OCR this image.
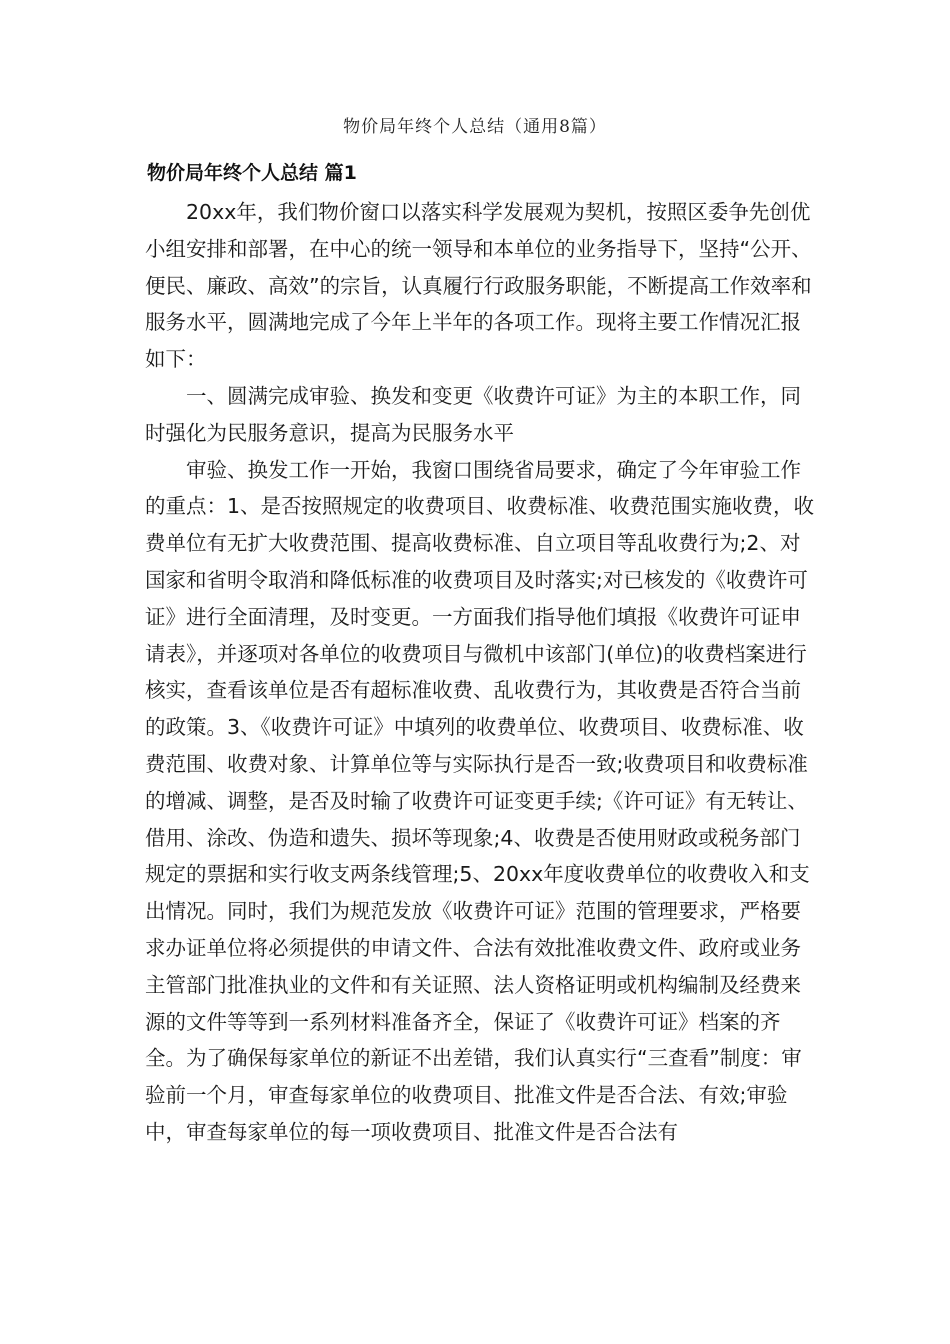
物价局年终个人总结（通用8篇）
物价局年终个人总结 篇1

20xx年，我们物价窗口以落实科学发展观为契机，按照区委争先创优小组安排和部署，在中心的统一领导和本单位的业务指导下，坚持“公开、便民、廉政、高效”的宗旨，认真履行行政服务职能，不断提高工作效率和服务水平，圆满地完成了今年上半年的各项工作。现将主要工作情况汇报如下：

一、圆满完成审验、换发和变更《收费许可证》为主的本职工作，同时强化为民服务意识，提高为民服务水平

审验、换发工作一开始，我窗口围绕省局要求，确定了今年审验工作的重点：1、是否按照规定的收费项目、收费标准、收费范围实施收费，收费单位有无扩大收费范围、提高收费标准、自立项目等乱收费行为;2、对国家和省明令取消和降低标准的收费项目及时落实;对已核发的《收费许可证》进行全面清理，及时变更。一方面我们指导他们填报《收费许可证申请表》，并逐项对各单位的收费项目与微机中该部门(单位)的收费档案进行核实，查看该单位是否有超标准收费、乱收费行为，其收费是否符合当前的政策。3、《收费许可证》中填列的收费单位、收费项目、收费标准、收费范围、收费对象、计算单位等与实际执行是否一致;收费项目和收费标准的增减、调整，是否及时输了收费许可证变更手续;《许可证》有无转让、借用、涂改、伪造和遗失、损坏等现象;4、收费是否使用财政或税务部门规定的票据和实行收支两条线管理;5、20xx年度收费单位的收费收入和支出情况。同时，我们为规范发放《收费许可证》范围的管理要求，严格要求办证单位将必须提供的申请文件、合法有效批准收费文件、政府或业务主管部门批准执业的文件和有关证照、法人资格证明或机构编制及经费来源的文件等等到一系列材料准备齐全，保证了《收费许可证》档案的齐全。为了确保每家单位的新证不出差错，我们认真实行“三查看”制度：审验前一个月，审查每家单位的收费项目、批准文件是否合法、有效;审验中，审查每家单位的每一项收费项目、批准文件是否合法有
